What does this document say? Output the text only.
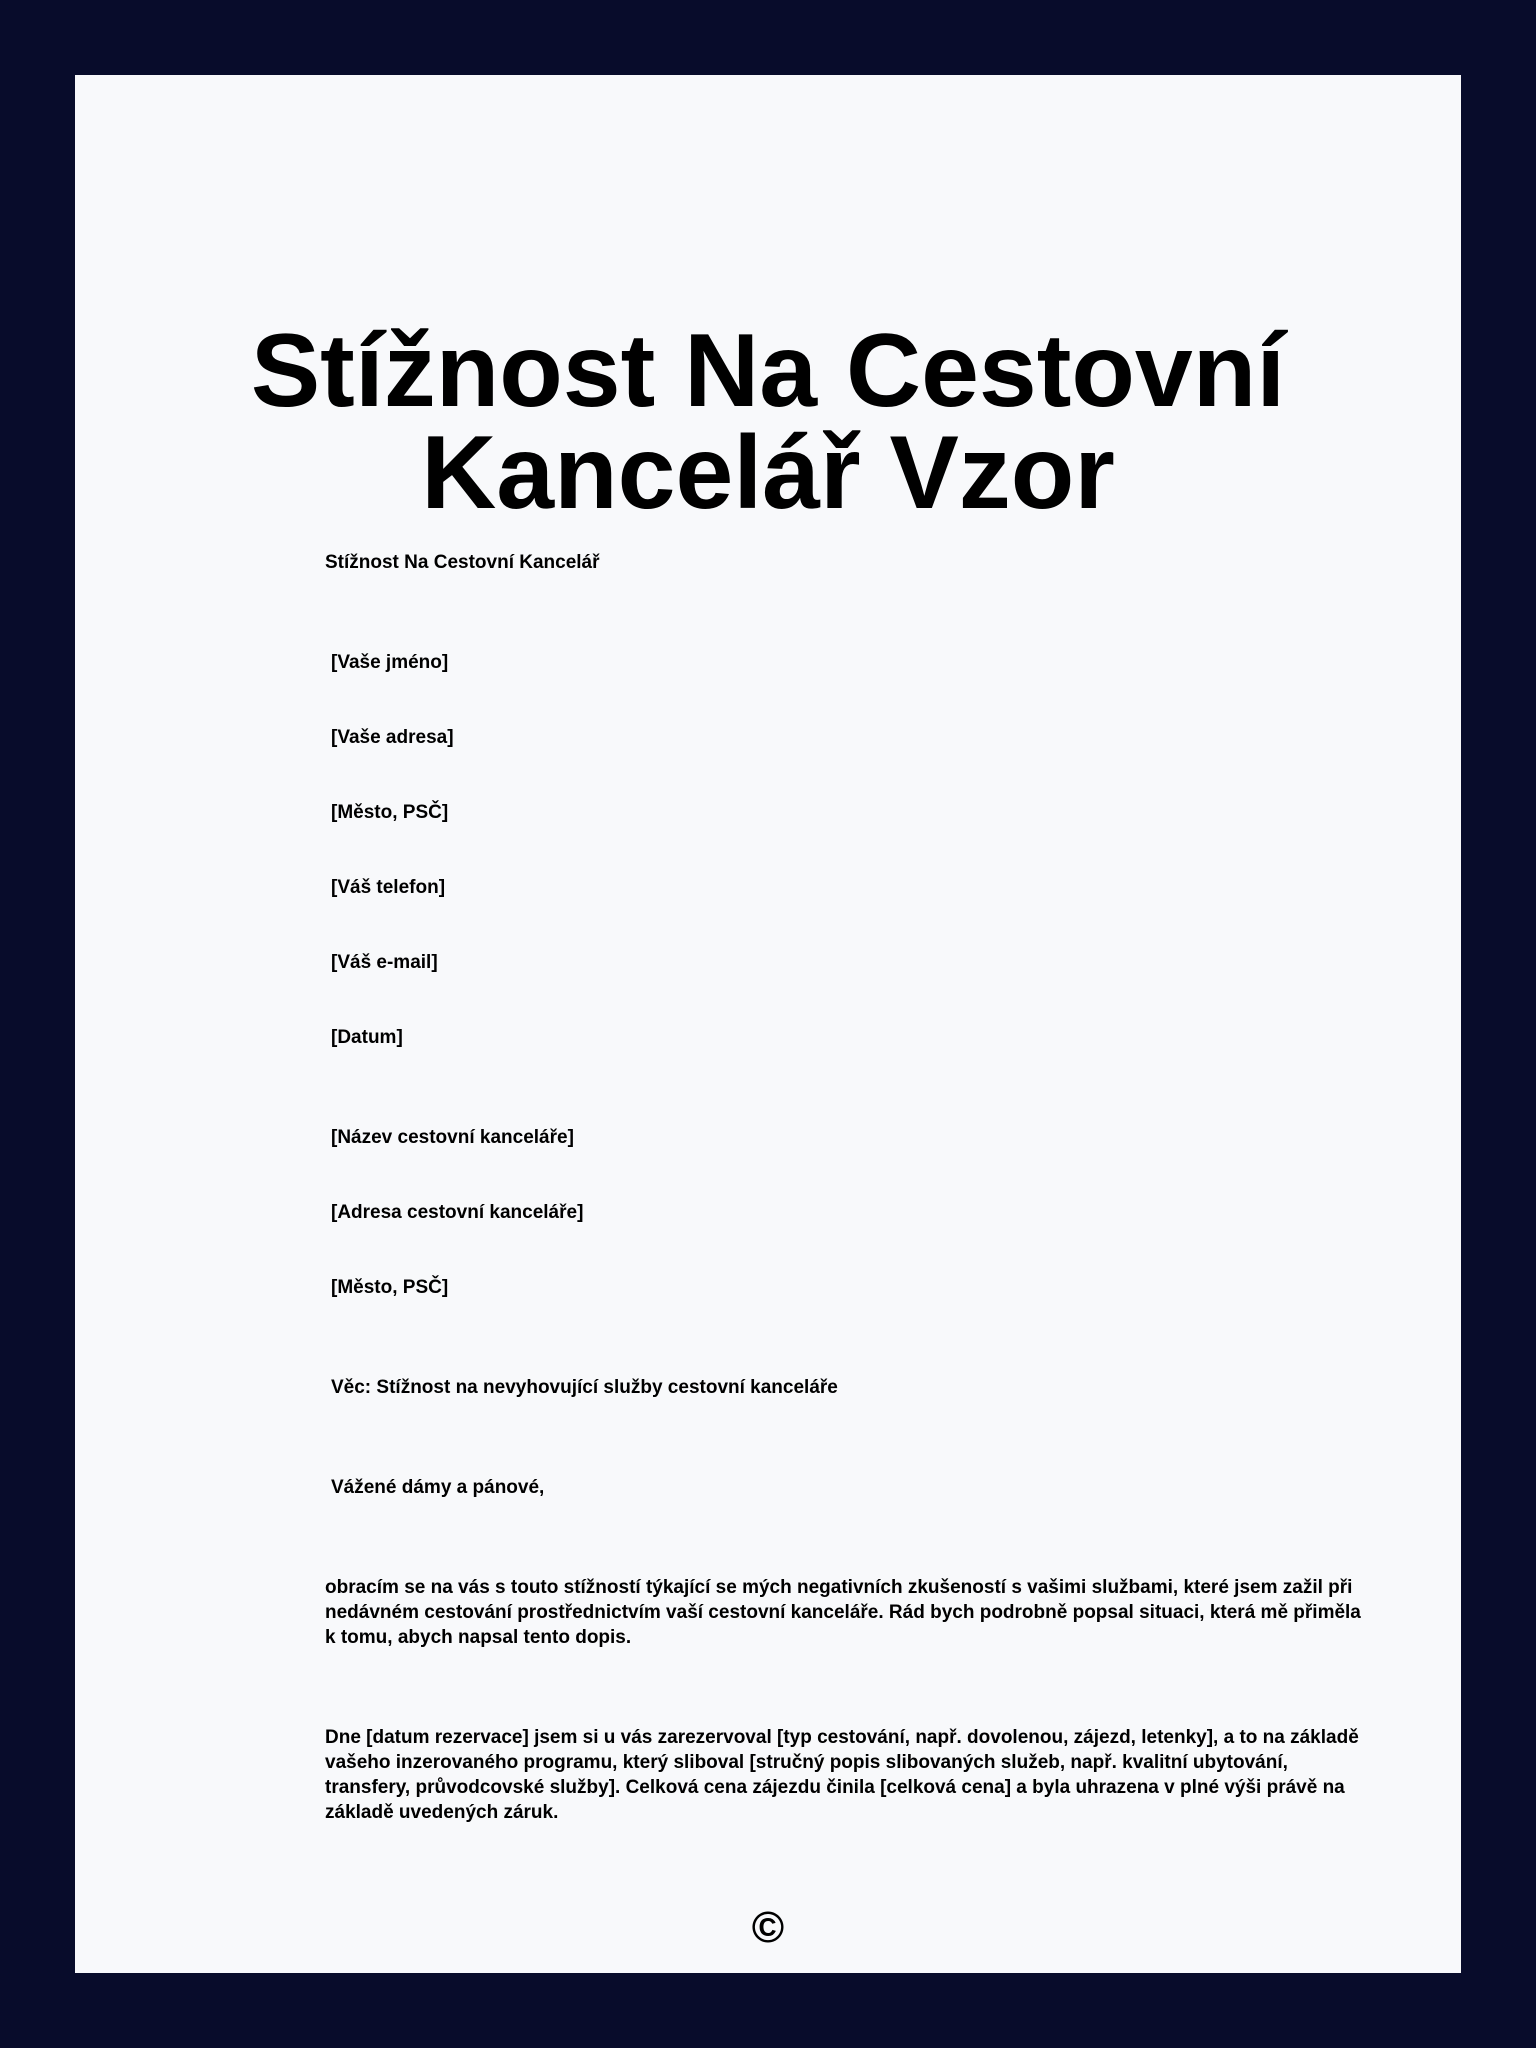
Stížnost Na Cestovní
Kancelář Vzor

Stížnost Na Cestovní Kancelář

[Vaše jméno]

[Vaše adresa]

[Město, PSČ]

[Váš telefon]

[Váš e-mail]

[Datum]

[Název cestovní kanceláře]

[Adresa cestovní kanceláře]

[Město, PSČ]

Věc: Stížnost na nevyhovující služby cestovní kanceláře

Vážené dámy a pánové,

obracím se na vás s touto stížností týkající se mých negativních zkušeností s vašimi službami, které jsem zažil při nedávném cestování prostřednictvím vaší cestovní kanceláře. Rád bych podrobně popsal situaci, která mě přiměla k tomu, abych napsal tento dopis.

Dne [datum rezervace] jsem si u vás zarezervoval [typ cestování, např. dovolenou, zájezd, letenky], a to na základě vašeho inzerovaného programu, který sliboval [stručný popis slibovaných služeb, např. kvalitní ubytování, transfery, průvodcovské služby]. Celková cena zájezdu činila [celková cena] a byla uhrazena v plné výši právě na základě uvedených záruk.

©
